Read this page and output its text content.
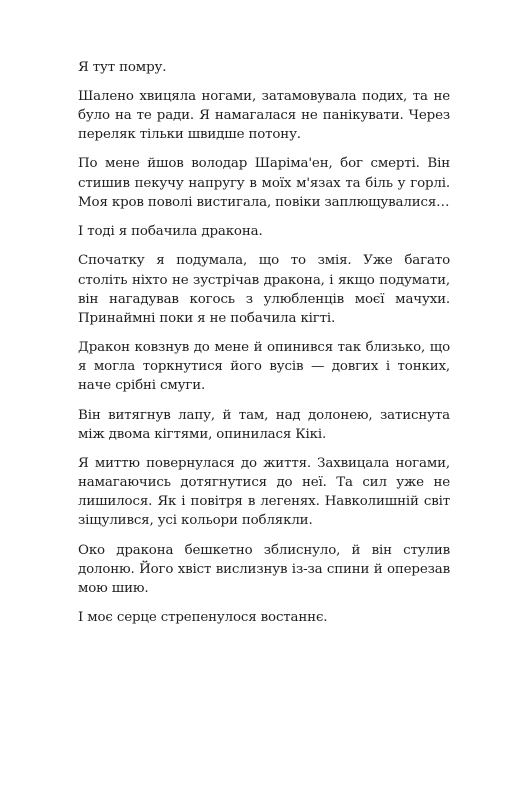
Я тут помру.

Шалено хвицяла ногами, затамовувала подих, та не було на те ради. Я намагалася не панікувати. Через переляк тільки швидше потону.

По мене йшов володар Шаріма'ен, бог смерті. Він стишив пекучу напругу в моїх м'язах та біль у горлі. Моя кров поволі вистигала, повіки заплющувалися…

І тоді я побачила дракона.

Спочатку я подумала, що то змія. Уже багато століть ніхто не зустрічав дракона, і якщо подумати, він нагадував когось з улюбленців моєї мачухи. Принаймні поки я не побачила кігті.

Дракон ковзнув до мене й опинився так близько, що я могла торкнутися його вусів — довгих і тонких, наче срібні смуги.

Він витягнув лапу, й там, над долонею, затиснута між двома кігтями, опинилася Кікі.

Я миттю повернулася до життя. Захвицала ногами, намагаючись дотягнутися до неї. Та сил уже не лишилося. Як і повітря в легенях. Навколишній світ зіщулився, усі кольори поблякли.

Око дракона бешкетно зблиснуло, й він стулив долоню. Його хвіст вислизнув із-за спини й оперезав мою шию.

І моє серце стрепенулося востаннє.
